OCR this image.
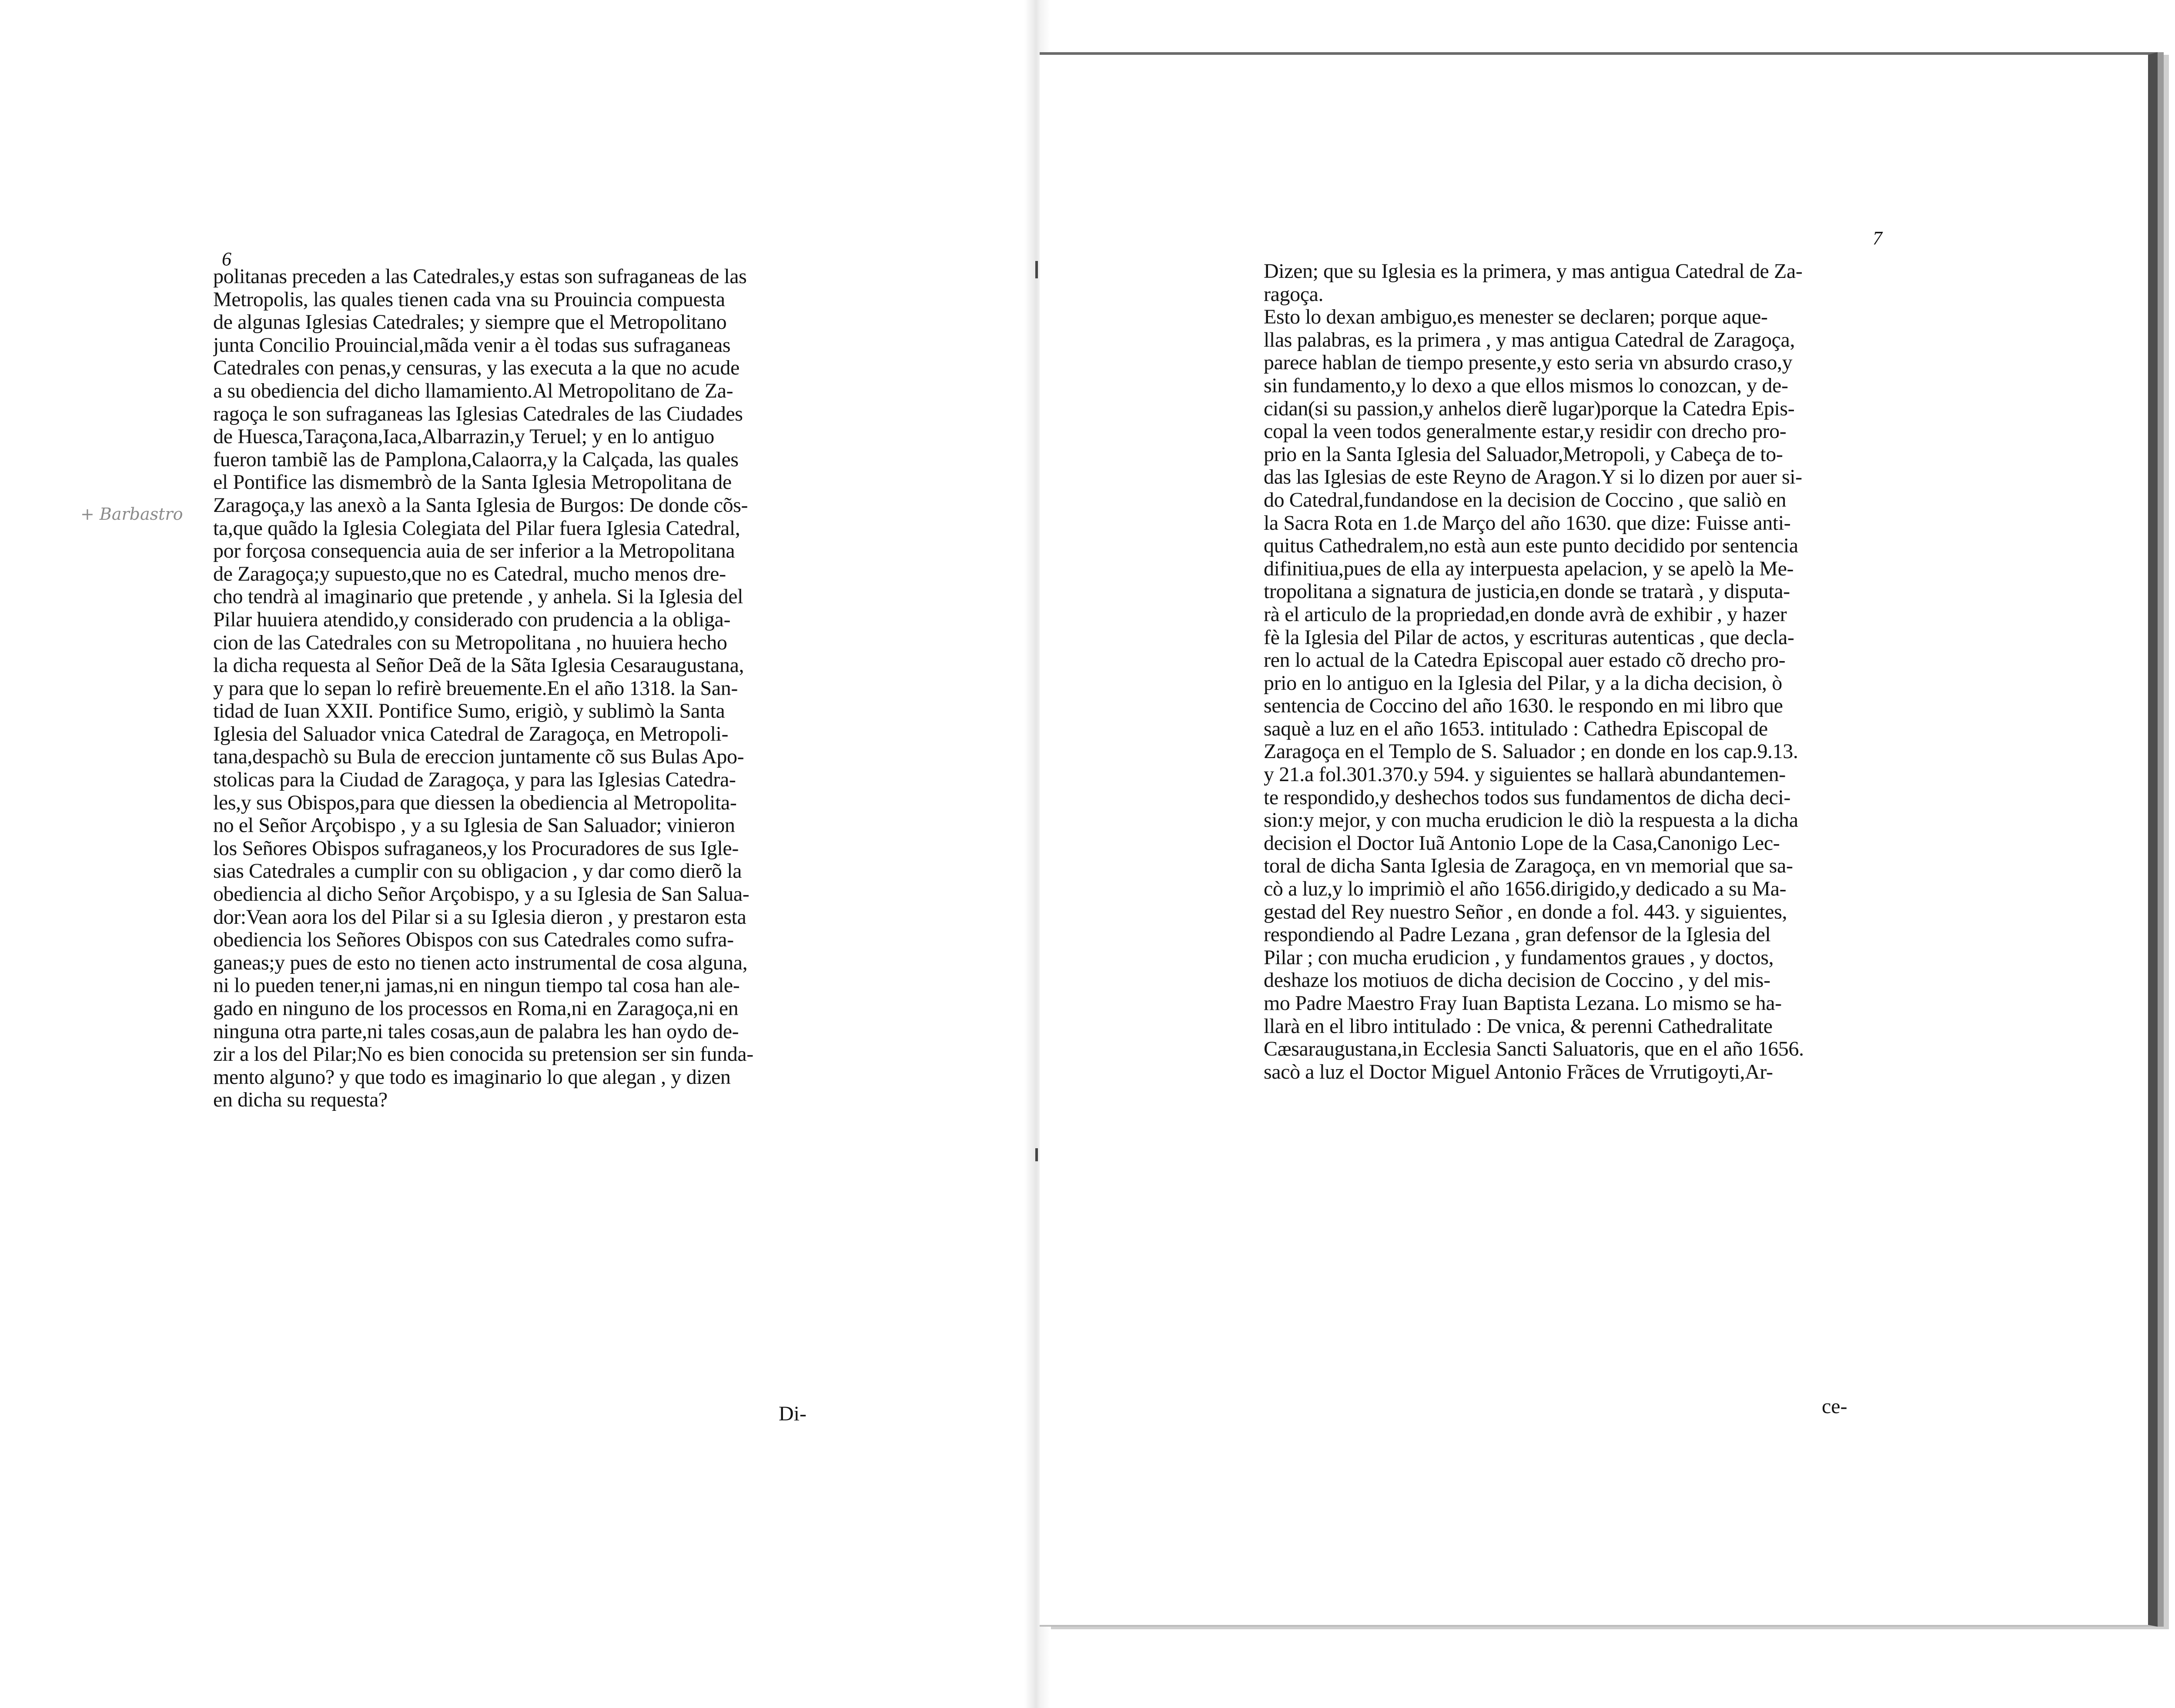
6
+ Barbastro
politanas preceden a las Catedrales,y estas son sufraganeas de las
Metropolis, las quales tienen cada vna su Prouincia compuesta
de algunas Iglesias Catedrales; y siempre que el Metropolitano
junta Concilio Prouincial,mãda venir a èl todas sus sufraganeas
Catedrales con penas,y censuras, y las executa a la que no acude
a su obediencia del dicho llamamiento.Al Metropolitano de Za-
ragoça le son sufraganeas las Iglesias Catedrales de las Ciudades
de Huesca,Taraçona,Iaca,Albarrazin,y Teruel; y en lo antiguo
fueron tambiẽ las de Pamplona,Calaorra,y la Calçada, las quales
el Pontifice las dismembrò de la Santa Iglesia Metropolitana de
Zaragoça,y las anexò a la Santa Iglesia de Burgos: De donde cõs-
ta,que quãdo la Iglesia Colegiata del Pilar fuera Iglesia Catedral,
por forçosa consequencia auia de ser inferior a la Metropolitana
de Zaragoça;y supuesto,que no es Catedral, mucho menos dre-
cho tendrà al imaginario que pretende , y anhela. Si la Iglesia del
Pilar huuiera atendido,y considerado con prudencia a la obliga-
cion de las Catedrales con su Metropolitana , no huuiera hecho
la dicha requesta al Señor Deã de la Sãta Iglesia Cesaraugustana,
y para que lo sepan lo refirè breuemente.En el año 1318. la San-
tidad de Iuan XXII. Pontifice Sumo, erigiò, y sublimò la Santa
Iglesia del Saluador vnica Catedral de Zaragoça, en Metropoli-
tana,despachò su Bula de ereccion juntamente cõ sus Bulas Apo-
stolicas para la Ciudad de Zaragoça, y para las Iglesias Catedra-
les,y sus Obispos,para que diessen la obediencia al Metropolita-
no el Señor Arçobispo , y a su Iglesia de San Saluador; vinieron
los Señores Obispos sufraganeos,y los Procuradores de sus Igle-
sias Catedrales a cumplir con su obligacion , y dar como dierõ la
obediencia al dicho Señor Arçobispo, y a su Iglesia de San Salua-
dor:Vean aora los del Pilar si a su Iglesia dieron , y prestaron esta
obediencia los Señores Obispos con sus Catedrales como sufra-
ganeas;y pues de esto no tienen acto instrumental de cosa alguna,
ni lo pueden tener,ni jamas,ni en ningun tiempo tal cosa han ale-
gado en ninguno de los processos en Roma,ni en Zaragoça,ni en
ninguna otra parte,ni tales cosas,aun de palabra les han oydo de-
zir a los del Pilar;No es bien conocida su pretension ser sin funda-
mento alguno? y que todo es imaginario lo que alegan , y dizen
en dicha su requesta?
Di-
7
Dizen; que su Iglesia es la primera, y mas antigua Catedral de Za-
ragoça.
Esto lo dexan ambiguo,es menester se declaren; porque aque-
llas palabras, es la primera , y mas antigua Catedral de Zaragoça,
parece hablan de tiempo presente,y esto seria vn absurdo craso,y
sin fundamento,y lo dexo a que ellos mismos lo conozcan, y de-
cidan(si su passion,y anhelos dierẽ lugar)porque la Catedra Epis-
copal la veen todos generalmente estar,y residir con drecho pro-
prio en la Santa Iglesia del Saluador,Metropoli, y Cabeça de to-
das las Iglesias de este Reyno de Aragon.Y si lo dizen por auer si-
do Catedral,fundandose en la decision de Coccino , que saliò en
la Sacra Rota en 1.de Março del año 1630. que dize: Fuisse anti-
quitus Cathedralem,no està aun este punto decidido por sentencia
difinitiua,pues de ella ay interpuesta apelacion, y se apelò la Me-
tropolitana a signatura de justicia,en donde se tratarà , y disputa-
rà el articulo de la propriedad,en donde avrà de exhibir , y hazer
fè la Iglesia del Pilar de actos, y escrituras autenticas , que decla-
ren lo actual de la Catedra Episcopal auer estado cõ drecho pro-
prio en lo antiguo en la Iglesia del Pilar, y a la dicha decision, ò
sentencia de Coccino del año 1630. le respondo en mi libro que
saquè a luz en el año 1653. intitulado : Cathedra Episcopal de
Zaragoça en el Templo de S. Saluador ; en donde en los cap.9.13.
y 21.a fol.301.370.y 594. y siguientes se hallarà abundantemen-
te respondido,y deshechos todos sus fundamentos de dicha deci-
sion:y mejor, y con mucha erudicion le diò la respuesta a la dicha
decision el Doctor Iuã Antonio Lope de la Casa,Canonigo Lec-
toral de dicha Santa Iglesia de Zaragoça, en vn memorial que sa-
cò a luz,y lo imprimiò el año 1656.dirigido,y dedicado a su Ma-
gestad del Rey nuestro Señor , en donde a fol. 443. y siguientes,
respondiendo al Padre Lezana , gran defensor de la Iglesia del
Pilar ; con mucha erudicion , y fundamentos graues , y doctos,
deshaze los motiuos de dicha decision de Coccino , y del mis-
mo Padre Maestro Fray Iuan Baptista Lezana. Lo mismo se ha-
llarà en el libro intitulado : De vnica, & perenni Cathedralitate
Cæsaraugustana,in Ecclesia Sancti Saluatoris, que en el año 1656.
sacò a luz el Doctor Miguel Antonio Frãces de Vrrutigoyti,Ar-
ce-
